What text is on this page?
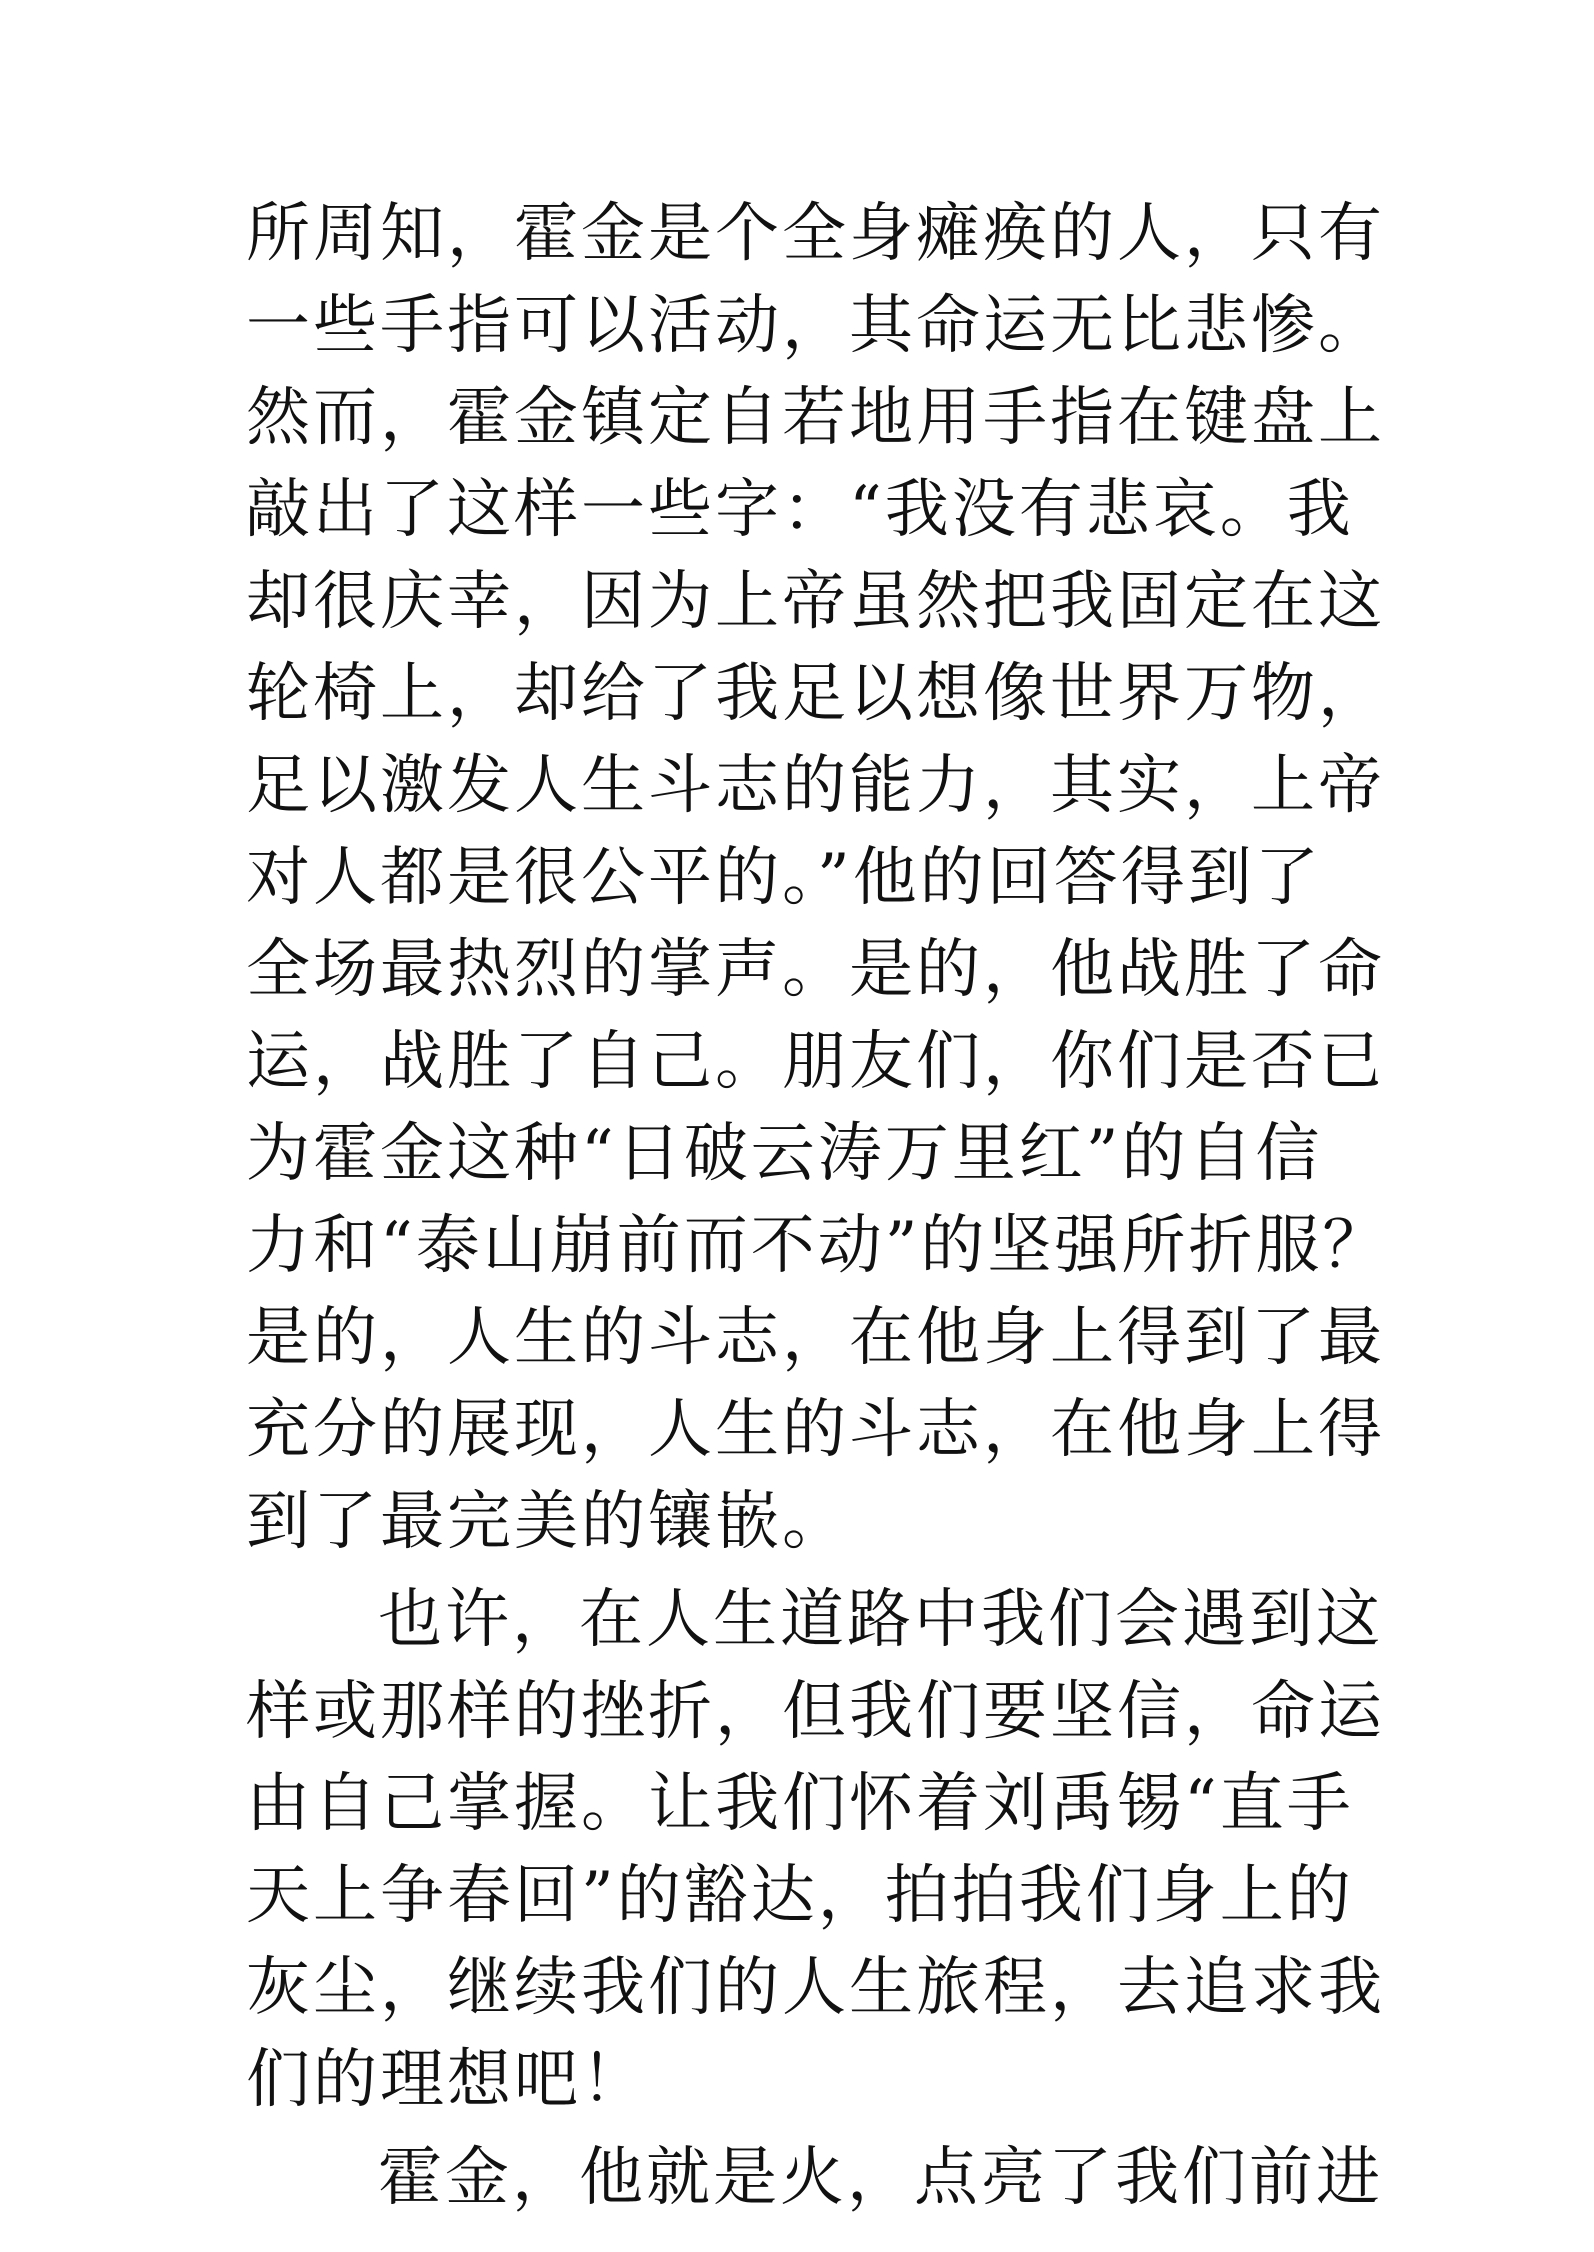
所周知，霍金是个全身瘫痪的人，只有
一些手指可以活动，其命运无比悲惨。
然而，霍金镇定自若地用手指在键盘上
敲出了这样一些字：“我没有悲哀。我
却很庆幸，因为上帝虽然把我固定在这
轮椅上，却给了我足以想像世界万物，
足以激发人生斗志的能力，其实，上帝
对人都是很公平的。”他的回答得到了
全场最热烈的掌声。是的，他战胜了命
运，战胜了自己。朋友们，你们是否已
为霍金这种“日破云涛万里红”的自信
力和“泰山崩前而不动”的坚强所折服？
是的，人生的斗志，在他身上得到了最
充分的展现，人生的斗志，在他身上得
到了最完美的镶嵌。
也许，在人生道路中我们会遇到这
样或那样的挫折，但我们要坚信，命运
由自己掌握。让我们怀着刘禹锡“直手
天上争春回”的豁达，拍拍我们身上的
灰尘，继续我们的人生旅程，去追求我
们的理想吧！
霍金，他就是火，点亮了我们前进
